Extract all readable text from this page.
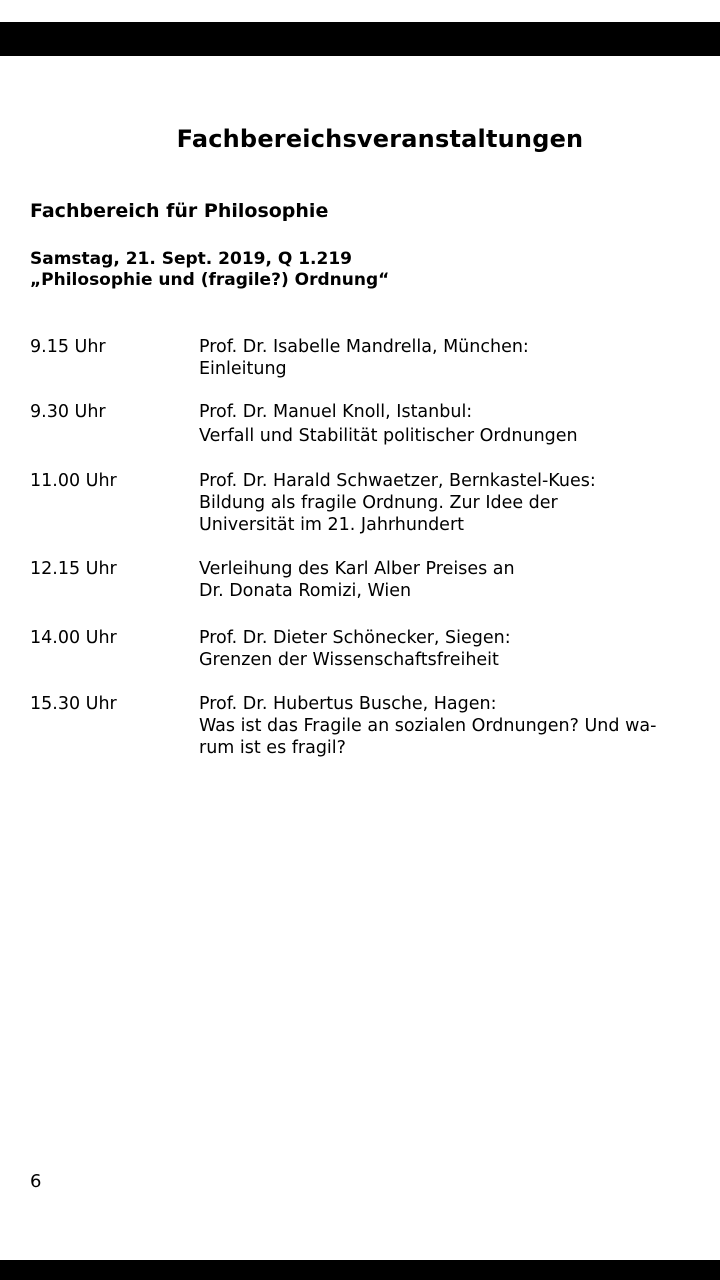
Fachbereichsveranstaltungen
Fachbereich für Philosophie
Samstag, 21. Sept. 2019, Q 1.219
„Philosophie und (fragile?) Ordnung“
9.15 Uhr	Prof. Dr. Isabelle Mandrella, München:
Einleitung
9.30 Uhr	Prof. Dr. Manuel Knoll, Istanbul:
Verfall und Stabilität politischer Ordnungen
11.00 Uhr	Prof. Dr. Harald Schwaetzer, Bernkastel-Kues:
Bildung als fragile Ordnung. Zur Idee der
Universität im 21. Jahrhundert
12.15 Uhr	Verleihung des Karl Alber Preises an
Dr. Donata Romizi, Wien
14.00 Uhr	Prof. Dr. Dieter Schönecker, Siegen:
Grenzen der Wissenschaftsfreiheit
15.30 Uhr	Prof. Dr. Hubertus Busche, Hagen:
Was ist das Fragile an sozialen Ordnungen? Und wa-
rum ist es fragil?
6
